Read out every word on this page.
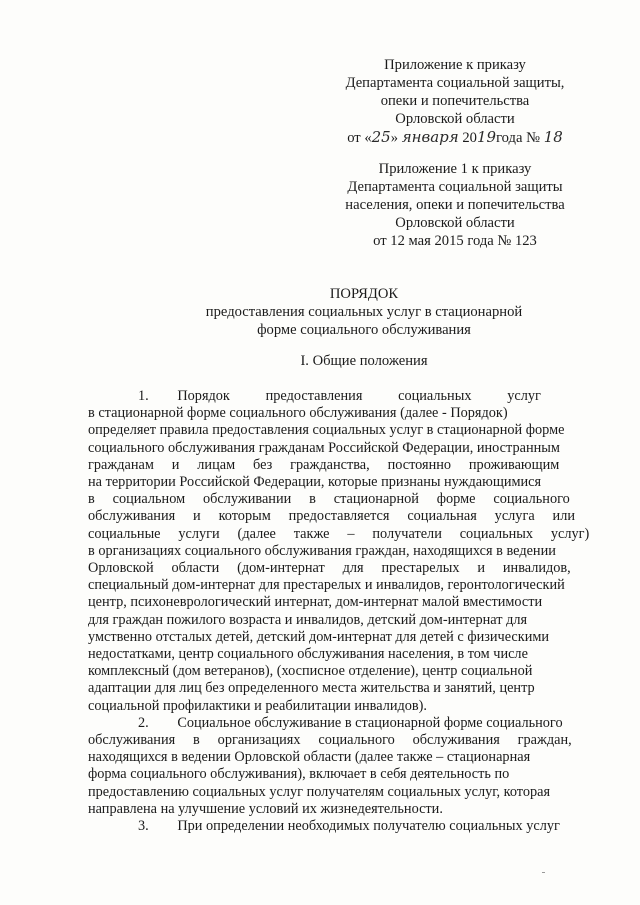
Приложение к приказу
Департамента социальной защиты,
опеки и попечительства
Орловской области
от «25» января 2019года № 18
Приложение 1 к приказу
Департамента социальной защиты
населения, опеки и попечительства
Орловской области
от 12 мая 2015 года № 123
ПОРЯДОК
предоставления социальных услуг в стационарной
форме социального обслуживания
I. Общие положения
1.        Порядок          предоставления          социальных          услуг
в стационарной форме социального обслуживания (далее - Порядок)
определяет правила предоставления социальных услуг в стационарной форме
социального обслуживания гражданам Российской Федерации, иностранным
гражданам     и     лицам     без     гражданства,     постоянно     проживающим
на территории Российской Федерации, которые признаны нуждающимися
в     социальном     обслуживании     в     стационарной     форме     социального
обслуживания     и     которым     предоставляется     социальная     услуга     или
социальные     услуги     (далее     также     –     получатели     социальных     услуг)
в организациях социального обслуживания граждан, находящихся в ведении
Орловской     области     (дом-интернат     для     престарелых     и     инвалидов,
специальный дом-интернат для престарелых и инвалидов, геронтологический
центр, психоневрологический интернат, дом-интернат малой вместимости
для граждан пожилого возраста и инвалидов, детский дом-интернат для
умственно отсталых детей, детский дом-интернат для детей с физическими
недостатками, центр социального обслуживания населения, в том числе
комплексный (дом ветеранов), (хосписное отделение), центр социальной
адаптации для лиц без определенного места жительства и занятий, центр
социальной профилактики и реабилитации инвалидов).
2.        Социальное обслуживание в стационарной форме социального
обслуживания     в     организациях     социального     обслуживания     граждан,
находящихся в ведении Орловской области (далее также – стационарная
форма социального обслуживания), включает в себя деятельность по
предоставлению социальных услуг получателям социальных услуг, которая
направлена на улучшение условий их жизнедеятельности.
3.        При определении необходимых получателю социальных услуг
